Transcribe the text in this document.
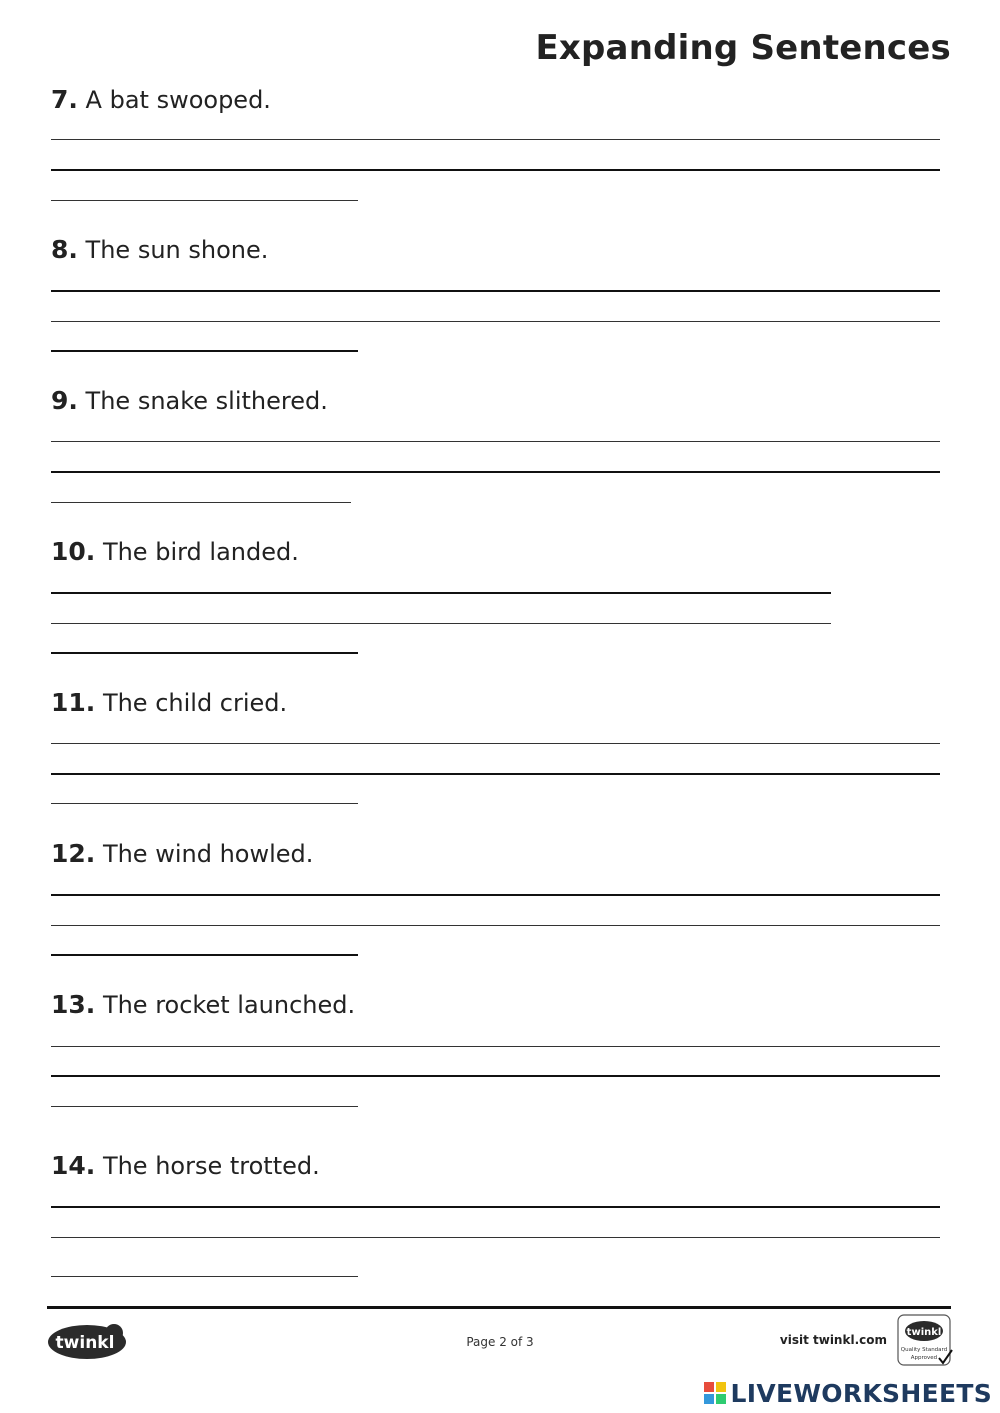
Expanding Sentences
7. A bat swooped.
8. The sun shone.
9. The snake slithered.
10. The bird landed.
11. The child cried.
12. The wind howled.
13. The rocket launched.
14. The horse trotted.
twinkl	Page 2 of 3	visit twinkl.com
twinkl
Quality Standard
Approved
LIVEWORKSHEETS
